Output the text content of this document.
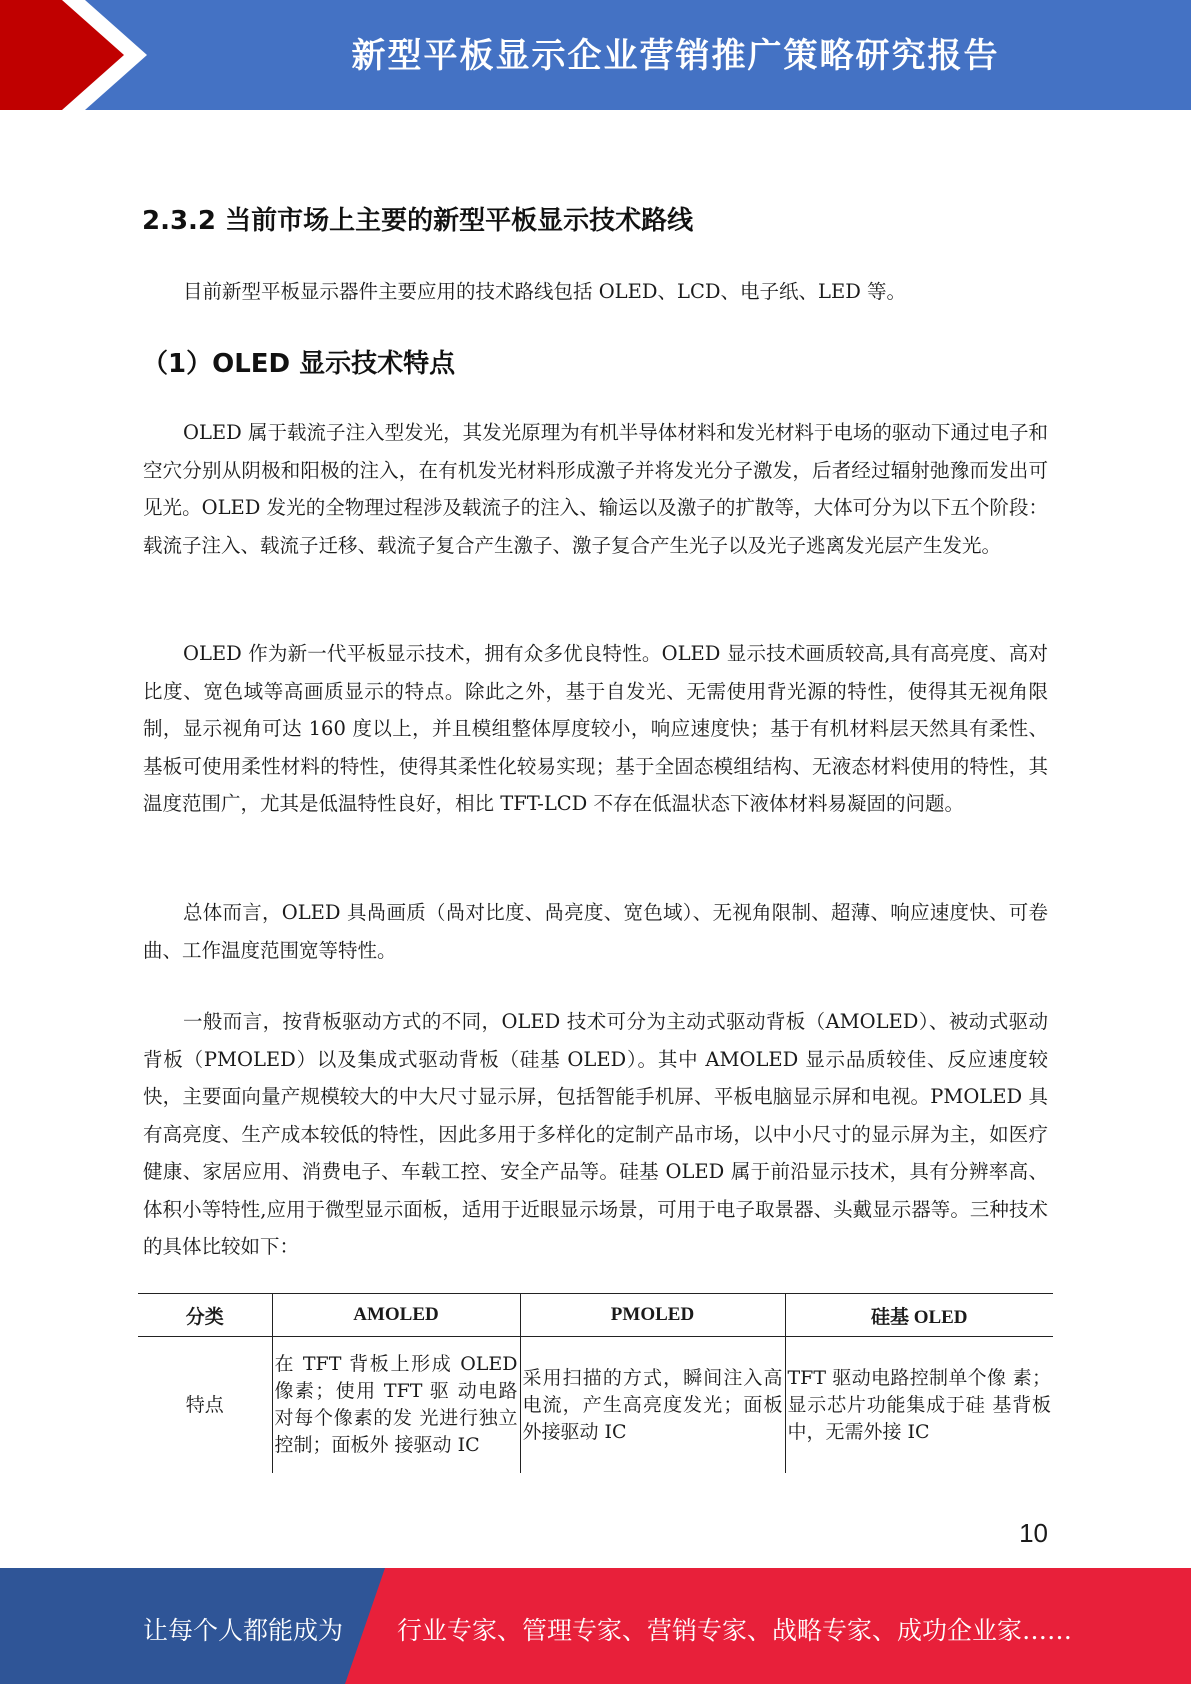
新型平板显示企业营销推广策略研究报告
2.3.2 当前市场上主要的新型平板显示技术路线

目前新型平板显示器件主要应用的技术路线包括 OLED、LCD、电子纸、LED 等。

（1）OLED 显示技术特点

OLED 属于载流子注入型发光，其发光原理为有机半导体材料和发光材料于电场的驱动下通过电子和空穴分别从阴极和阳极的注入，在有机发光材料形成激子并将发光分子激发，后者经过辐射弛豫而发出可见光。OLED 发光的全物理过程涉及载流子的注入、输运以及激子的扩散等，大体可分为以下五个阶段：载流子注入、载流子迁移、载流子复合产生激子、激子复合产生光子以及光子逃离发光层产生发光。

OLED 作为新一代平板显示技术，拥有众多优良特性。OLED 显示技术画质较高,具有高亮度、高对比度、宽色域等高画质显示的特点。除此之外，基于自发光、无需使用背光源的特性，使得其无视角限制，显示视角可达 160 度以上，并且模组整体厚度较小，响应速度快；基于有机材料层天然具有柔性、基板可使用柔性材料的特性，使得其柔性化较易实现；基于全固态模组结构、无液态材料使用的特性，其温度范围广，尤其是低温特性良好，相比 TFT-LCD 不存在低温状态下液体材料易凝固的问题。

总体而言，OLED 具咼画质（咼对比度、咼亮度、宽色域）、无视角限制、超薄、响应速度快、可卷曲、工作温度范围宽等特性。

一般而言，按背板驱动方式的不同，OLED 技术可分为主动式驱动背板（AMOLED）、被动式驱动背板（PMOLED）以及集成式驱动背板（硅基 OLED）。其中 AMOLED 显示品质较佳、反应速度较快，主要面向量产规模较大的中大尺寸显示屏，包括智能手机屏、平板电脑显示屏和电视。PMOLED 具有高亮度、生产成本较低的特性，因此多用于多样化的定制产品市场，以中小尺寸的显示屏为主，如医疗健康、家居应用、消费电子、车载工控、安全产品等。硅基 OLED 属于前沿显示技术，具有分辨率高、体积小等特性,应用于微型显示面板，适用于近眼显示场景，可用于电子取景器、头戴显示器等。三种技术的具体比较如下：

分类	AMOLED	PMOLED	硅基 OLED
特点	在 TFT 背板上形成 OLED 像素；使用 TFT 驱 动电路对每个像素的发 光进行独立控制；面板外 接驱动 IC	采用扫描的方式，瞬间注入高电流，产生高亮度发光；面板外接驱动 IC	TFT 驱动电路控制单个像 素；显示芯片功能集成于硅 基背板中，无需外接 IC
10
让每个人都能成为 行业专家、管理专家、营销专家、战略专家、成功企业家……
